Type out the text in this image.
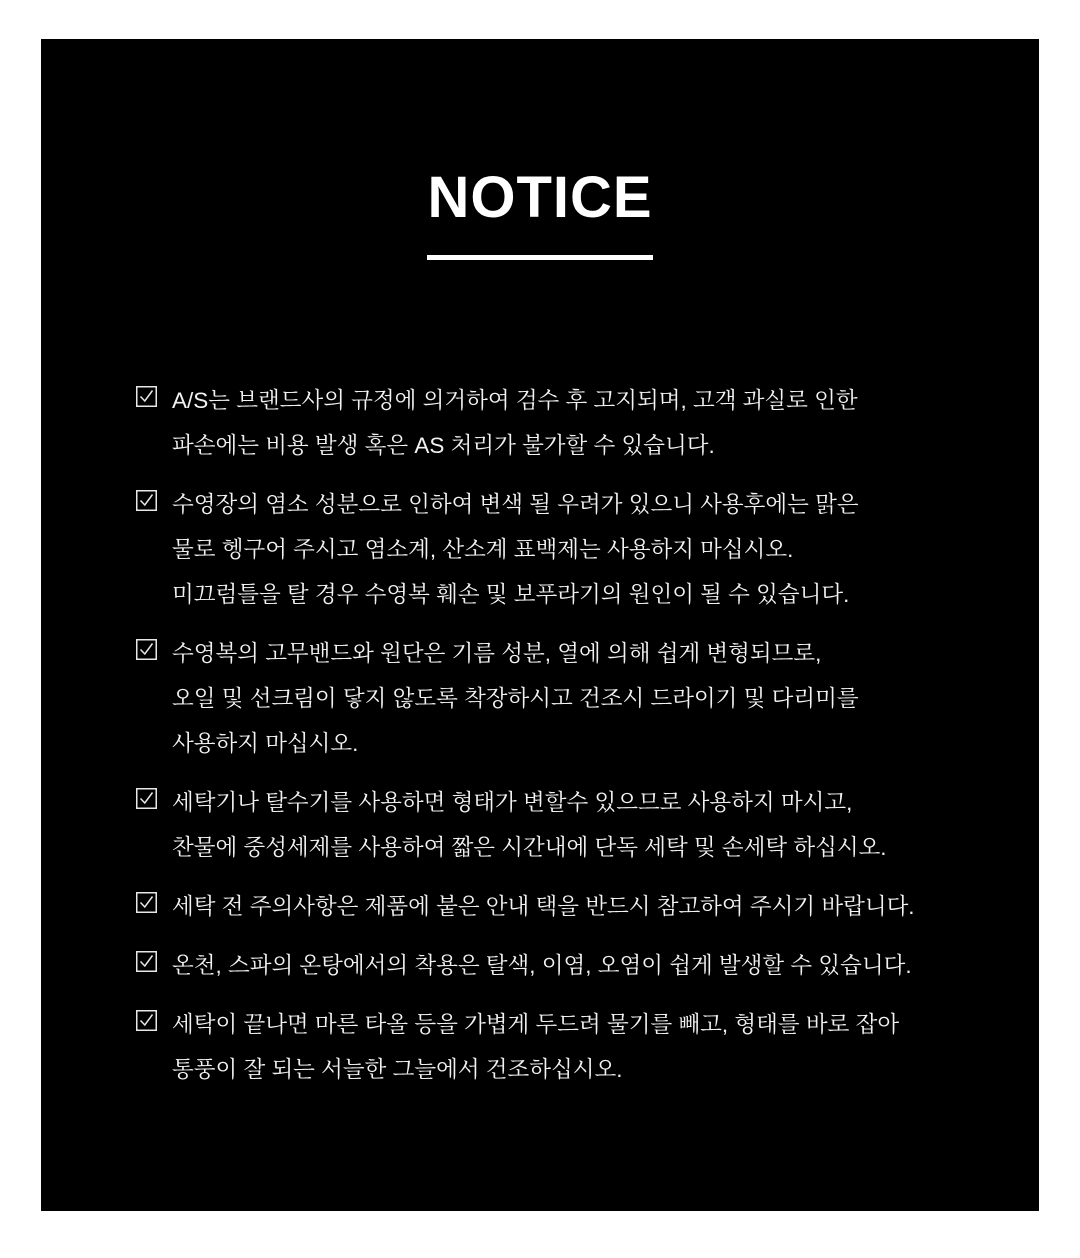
NOTICE
A/S는 브랜드사의 규정에 의거하여 검수 후 고지되며, 고객 과실로 인한
파손에는 비용 발생 혹은 AS 처리가 불가할 수 있습니다.
수영장의 염소 성분으로 인하여 변색 될 우려가 있으니 사용후에는 맑은
물로 헹구어 주시고 염소계, 산소계 표백제는 사용하지 마십시오.
미끄럼틀을 탈 경우 수영복 훼손 및 보푸라기의 원인이 될 수 있습니다.
수영복의 고무밴드와 원단은 기름 성분, 열에 의해 쉽게 변형되므로,
오일 및 선크림이 닿지 않도록 착장하시고 건조시 드라이기 및 다리미를
사용하지 마십시오.
세탁기나 탈수기를 사용하면 형태가 변할수 있으므로 사용하지 마시고,
찬물에 중성세제를 사용하여 짧은 시간내에 단독 세탁 및 손세탁 하십시오.
세탁 전 주의사항은 제품에 붙은 안내 택을 반드시 참고하여 주시기 바랍니다.
온천, 스파의 온탕에서의 착용은 탈색, 이염, 오염이 쉽게 발생할 수 있습니다.
세탁이 끝나면 마른 타올 등을 가볍게 두드려 물기를 빼고, 형태를 바로 잡아
통풍이 잘 되는 서늘한 그늘에서 건조하십시오.
